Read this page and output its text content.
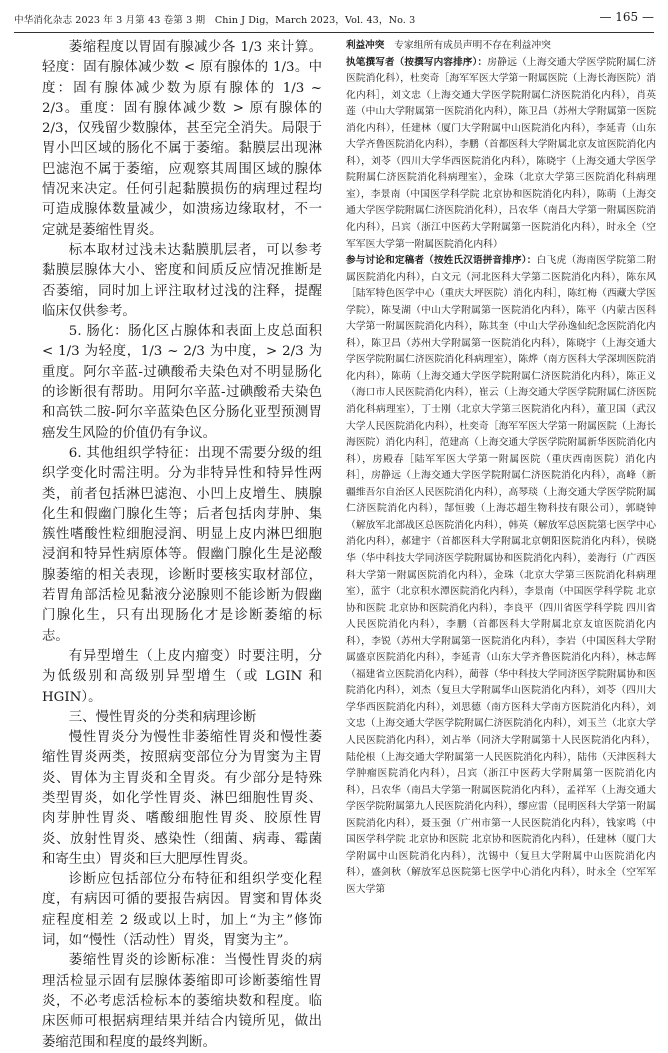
中华消化杂志 2023 年 3 月第 43 卷第 3 期　Chin J Dig，March 2023，Vol. 43，No. 3	— 165 —

萎缩程度以胃固有腺减少各 1/3 来计算。轻度：固有腺体减少数 < 原有腺体的 1/3。中度：固有腺体减少数为原有腺体的 1/3 ~ 2/3。重度：固有腺体减少数 > 原有腺体的 2/3，仅残留少数腺体，甚至完全消失。局限于胃小凹区域的肠化不属于萎缩。黏膜层出现淋巴滤泡不属于萎缩，应观察其周围区域的腺体情况来决定。任何引起黏膜损伤的病理过程均可造成腺体数量减少，如溃疡边缘取材，不一定就是萎缩性胃炎。

标本取材过浅未达黏膜肌层者，可以参考黏膜层腺体大小、密度和间质反应情况推断是否萎缩，同时加上评注取材过浅的注释，提醒临床仅供参考。

5. 肠化：肠化区占腺体和表面上皮总面积 < 1/3 为轻度，1/3 ~ 2/3 为中度，> 2/3 为重度。阿尔辛蓝-过碘酸希夫染色对不明显肠化的诊断很有帮助。用阿尔辛蓝-过碘酸希夫染色和高铁二胺-阿尔辛蓝染色区分肠化亚型预测胃癌发生风险的价值仍有争议。

6. 其他组织学特征：出现不需要分级的组织学变化时需注明。分为非特异性和特异性两类，前者包括淋巴滤泡、小凹上皮增生、胰腺化生和假幽门腺化生等；后者包括肉芽肿、集簇性嗜酸性粒细胞浸润、明显上皮内淋巴细胞浸润和特异性病原体等。假幽门腺化生是泌酸腺萎缩的相关表现，诊断时要核实取材部位，若胃角部活检见黏液分泌腺则不能诊断为假幽门腺化生，只有出现肠化才是诊断萎缩的标志。

有异型增生（上皮内瘤变）时要注明，分为低级别和高级别异型增生（或 LGIN 和 HGIN）。

三、慢性胃炎的分类和病理诊断

慢性胃炎分为慢性非萎缩性胃炎和慢性萎缩性胃炎两类，按照病变部位分为胃窦为主胃炎、胃体为主胃炎和全胃炎。有少部分是特殊类型胃炎，如化学性胃炎、淋巴细胞性胃炎、肉芽肿性胃炎、嗜酸细胞性胃炎、胶原性胃炎、放射性胃炎、感染性（细菌、病毒、霉菌和寄生虫）胃炎和巨大肥厚性胃炎。

诊断应包括部位分布特征和组织学变化程度，有病因可循的要报告病因。胃窦和胃体炎症程度相差 2 级或以上时，加上“为主”修饰词，如“慢性（活动性）胃炎，胃窦为主”。

萎缩性胃炎的诊断标准：当慢性胃炎的病理活检显示固有层腺体萎缩即可诊断萎缩性胃炎，不必考虑活检标本的萎缩块数和程度。临床医师可根据病理结果并结合内镜所见，做出萎缩范围和程度的最终判断。

利益冲突　 专家组所有成员声明不存在利益冲突

执笔撰写者（按撰写内容排序）：房静远（上海交通大学医学院附属仁济医院消化科），杜奕奇［海军军医大学第一附属医院（上海长海医院）消化内科］，刘文忠（上海交通大学医学院附属仁济医院消化内科），肖英莲（中山大学附属第一医院消化内科），陈卫昌（苏州大学附属第一医院消化内科），任建林（厦门大学附属中山医院消化内科），李延青（山东大学齐鲁医院消化内科），李鹏（首都医科大学附属北京友谊医院消化内科），刘苓（四川大学华西医院消化内科），陈晓宇（上海交通大学医学院附属仁济医院消化科病理室），金珠（北京大学第三医院消化科病理室），李景南（中国医学科学院 北京协和医院消化内科），陈萌（上海交通大学医学院附属仁济医院消化科），吕农华（南昌大学第一附属医院消化内科），吕宾（浙江中医药大学附属第一医院消化内科），时永全（空军军医大学第一附属医院消化内科）

参与讨论和定稿者（按姓氏汉语拼音排序）：白飞虎（海南医学院第二附属医院消化内科），白文元（河北医科大学第二医院消化内科），陈东风［陆军特色医学中心（重庆大坪医院）消化内科］，陈红梅（西藏大学医学院），陈旻湖（中山大学附属第一医院消化内科），陈平（内蒙古医科大学第一附属医院消化内科），陈其奎（中山大学孙逸仙纪念医院消化内科），陈卫昌（苏州大学附属第一医院消化内科），陈晓宇（上海交通大学医学院附属仁济医院消化科病理室），陈烨（南方医科大学深圳医院消化内科），陈萌（上海交通大学医学院附属仁济医院消化内科），陈正义（海口市人民医院消化内科），崔云（上海交通大学医学院附属仁济医院消化科病理室），丁士刚（北京大学第三医院消化内科），董卫国（武汉大学人民医院消化内科），杜奕奇［海军军医大学第一附属医院（上海长海医院）消化内科］，范建高（上海交通大学医学院附属新华医院消化内科），房殿春［陆军军医大学第一附属医院（重庆西南医院）消化内科］，房静远（上海交通大学医学院附属仁济医院消化内科），高峰（新疆维吾尔自治区人民医院消化内科），高琴琰（上海交通大学医学院附属仁济医院消化内科），郜恒骏（上海芯超生物科技有限公司），郭晓钟（解放军北部战区总医院消化内科），韩英（解放军总医院第七医学中心消化内科），郝建宇（首都医科大学附属北京朝阳医院消化内科），侯晓华（华中科技大学同济医学院附属协和医院消化内科），姜海行（广西医科大学第一附属医院消化内科），金珠（北京大学第三医院消化科病理室），蓝宇（北京积水潭医院消化内科），李景南（中国医学科学院 北京协和医院 北京协和医院消化内科），李良平（四川省医学科学院 四川省人民医院消化内科），李鹏（首都医科大学附属北京友谊医院消化内科），李锐（苏州大学附属第一医院消化内科），李岩（中国医科大学附属盛京医院消化内科），李延青（山东大学齐鲁医院消化内科），林志辉（福建省立医院消化内科），蔺蓉（华中科技大学同济医学院附属协和医院消化内科），刘杰（复旦大学附属华山医院消化内科），刘苓（四川大学华西医院消化内科），刘思德（南方医科大学南方医院消化内科），刘文忠（上海交通大学医学院附属仁济医院消化内科），刘玉兰（北京大学人民医院消化内科），刘占举（同济大学附属第十人民医院消化内科），陆伦根（上海交通大学附属第一人民医院消化内科），陆伟（天津医科大学肿瘤医院消化内科），吕宾（浙江中医药大学附属第一医院消化内科），吕农华（南昌大学第一附属医院消化内科），孟祥军（上海交通大学医学院附属第九人民医院消化内科），缪应雷（昆明医科大学第一附属医院消化内科），聂玉强（广州市第一人民医院消化内科），钱家鸣（中国医学科学院 北京协和医院 北京协和医院消化内科），任建林（厦门大学附属中山医院消化内科），沈锡中（复旦大学附属中山医院消化内科），盛剑秋（解放军总医院第七医学中心消化内科），时永全（空军军医大学第
